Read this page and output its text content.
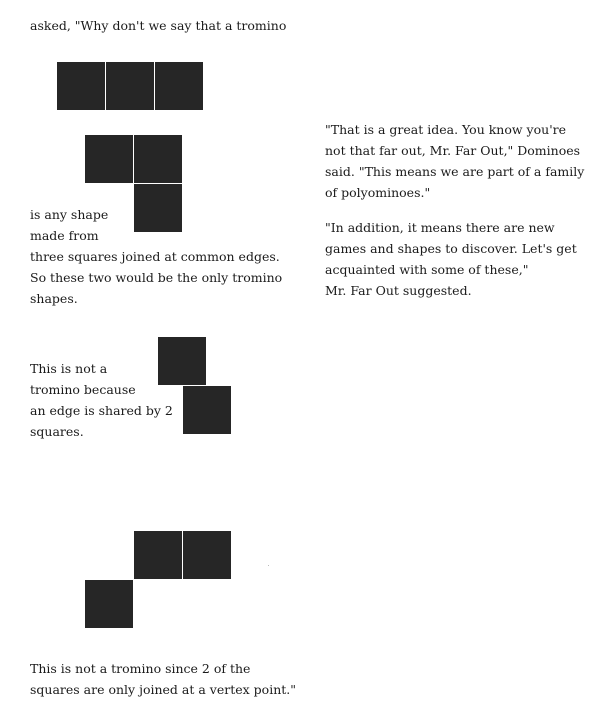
asked, "Why don't we say that a tromino

is any shape
made from
three squares joined at common edges.
So these two would be the only tromino
shapes.
This is not a
tromino because
an edge is shared by 2
squares.
This is not a tromino since 2 of the
squares are only joined at a vertex point."
"That is a great idea. You know you're
not that far out, Mr. Far Out," Dominoes
said. "This means we are part of a family
of polyominoes."
"In addition, it means there are new
games and shapes to discover. Let's get
acquainted with some of these,"
Mr. Far Out suggested.
